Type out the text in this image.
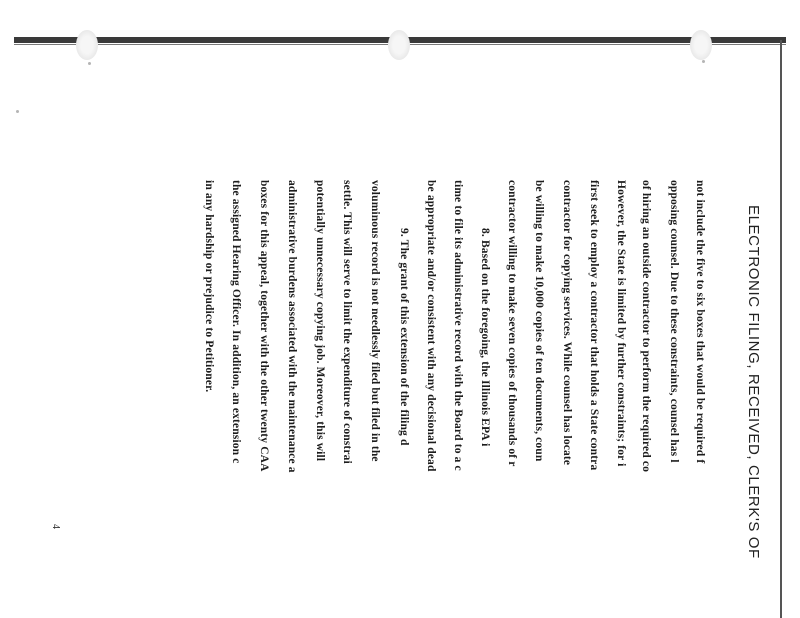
ELECTRONIC FILING, RECEIVED, CLERK'S OF
not include the five to six boxes that would be required f
opposing counsel. Due to these constraints, counsel has l
of hiring an outside contractor to perform the required co
However, the State is limited by further constraints; for i
first seek to employ a contractor that holds a State contra
contractor for copying services. While counsel has locate
be willing to make 10,000 copies of ten documents, coun
contractor willing to make seven copies of thousands of r
8. Based on the foregoing, the Illinois EPA i
time to file its administrative record with the Board to a c
be appropriate and/or consistent with any decisional dead
9. The grant of this extension of the filing d
voluminous record is not needlessly filed but filed in the
settle. This will serve to limit the expenditure of constrai
potentially unnecessary copying job. Moreover, this will
administrative burdens associated with the maintenance a
boxes for this appeal, together with the other twenty CAA
the assigned Hearing Officer. In addition, an extension c
in any hardship or prejudice to Petitioner.
4
